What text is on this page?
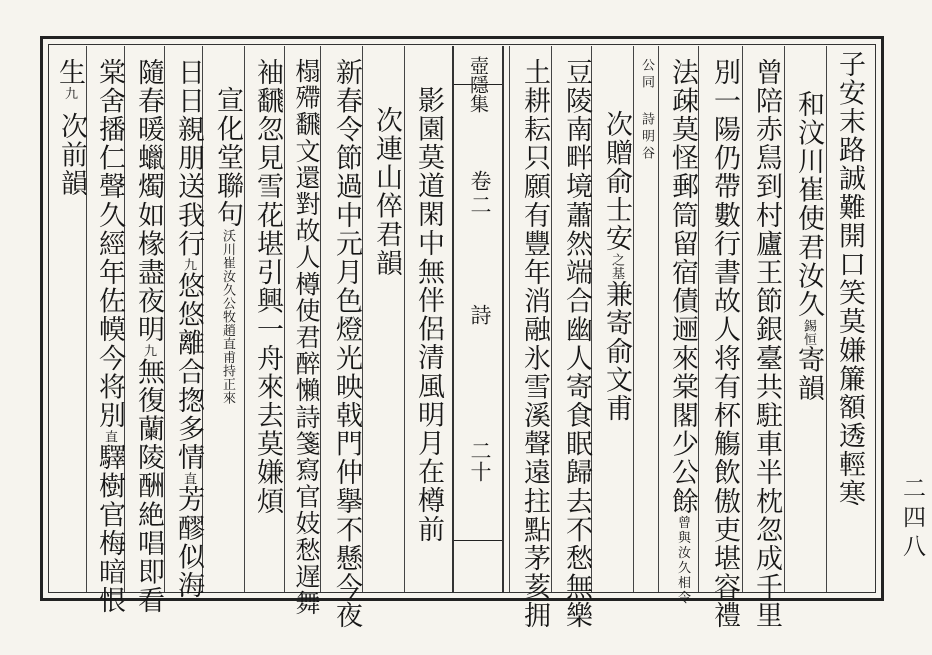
壺隱集
卷二
詩
二十	子安末路誠難開口笑莫嫌簾額透輕寒
和汶川崔使君汝久錫恒寄韻
曾陪赤舃到村廬王節銀臺共駐車半枕忽成千里
別一陽仍帶數行書故人将有杯觴飲傲吏堪容禮
法疎莫怪郵筒留宿債逦來棠閣少公餘曾與汝久相令
公同詩明谷
次贈俞士安之基兼寄俞文甫
豆陵南畔境蕭然端合幽人寄食眠歸去不愁無樂
土耕耘只願有豐年消融氷雪溪聲遠拄點茅荄拥
影園莫道閑中無伴侶清風明月在樽前
次連山倅君韻
新春令節過中元月色燈光映戟門仲擧不懸今夜
榻殢飜文還對故人樽使君醉懶詩箋寫官妓愁遅舞
袖飜忽見雪花堪引興一舟來去莫嫌煩
宣化堂聯句沃川崔汝久公牧趙直甫持正來
日日親朋送我行九悠悠離合揔多情直芳醪似海
隨春暖蠟燭如椽盡夜明九無復蘭陵酬絶唱即看
棠舍播仁聲久經年佐幙今将別直驛樹官梅暗恨
生九
次前韻
二四八
